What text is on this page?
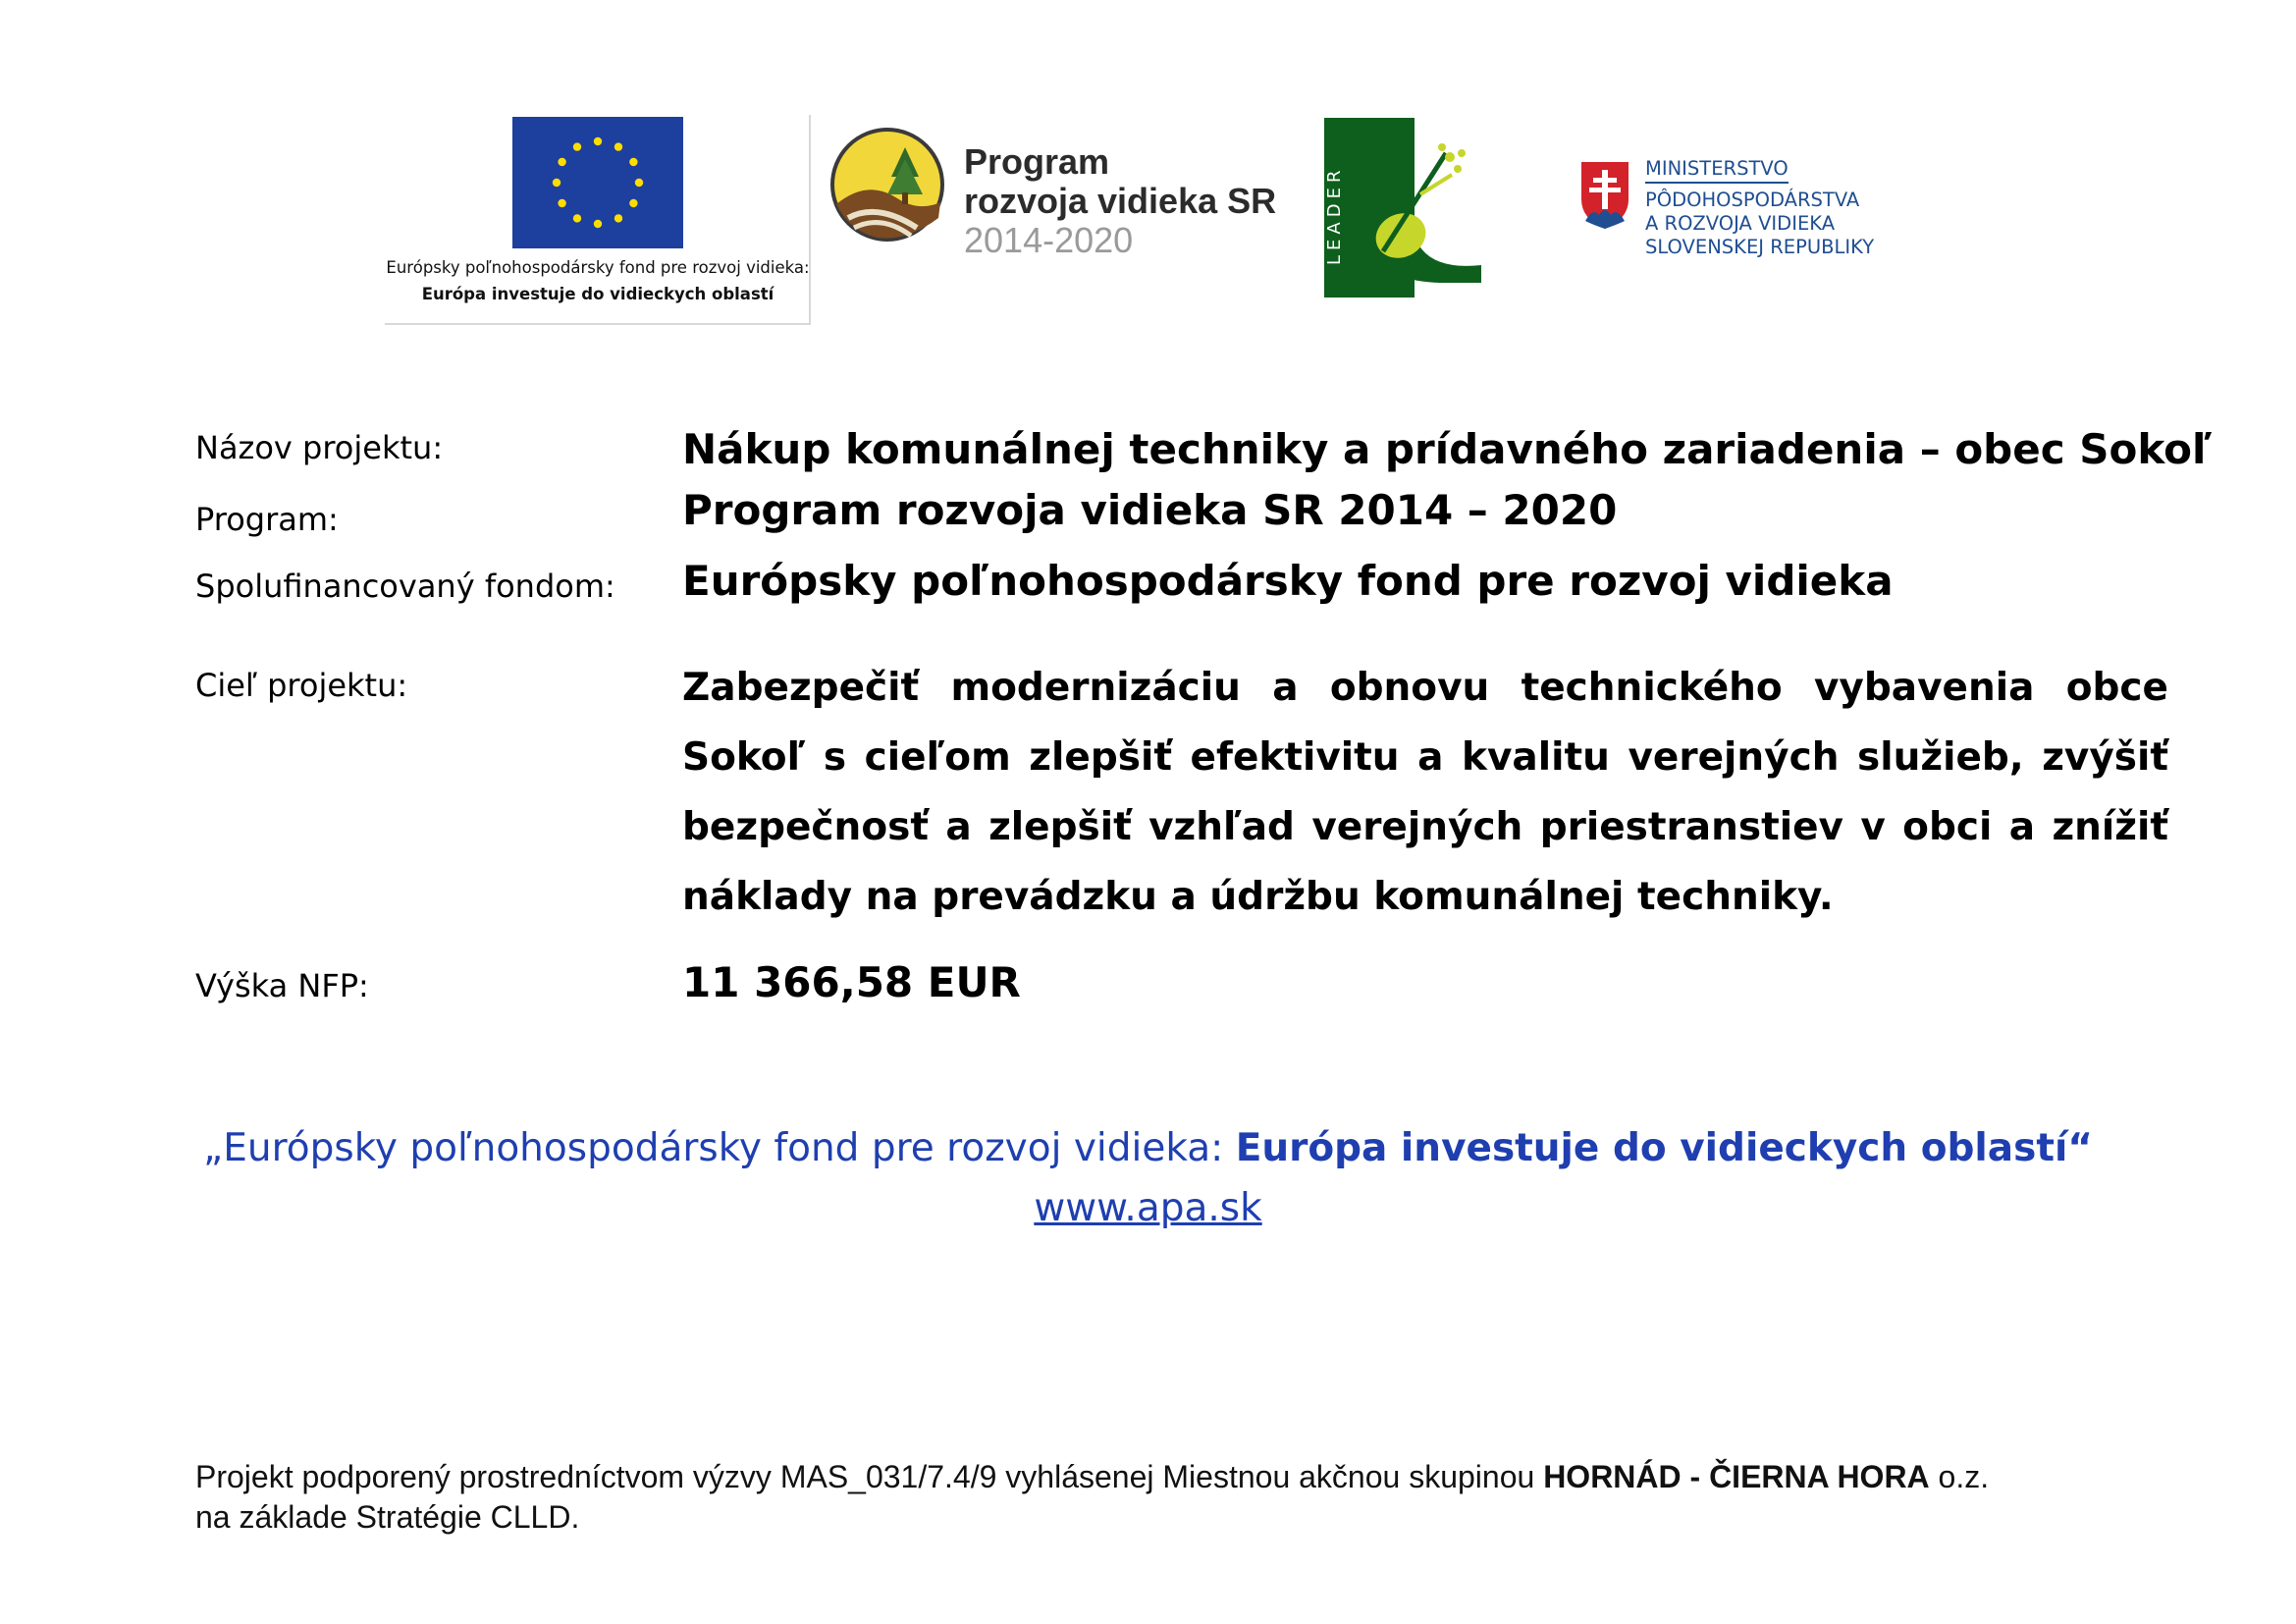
Európsky poľnohospodársky fond pre rozvoj vidieka:
Európa investuje do vidieckych oblastí
Program
rozvoja vidieka SR
2014-2020	LEADER	MINISTERSTVO
PÔDOHOSPODÁRSTVA
A ROZVOJA VIDIEKA
SLOVENSKEJ REPUBLIKY
Názov projektu:	Nákup komunálnej techniky a prídavného zariadenia – obec Sokoľ
Program:	Program rozvoja vidieka SR 2014 – 2020
Spolufinancovaný fondom: Európsky poľnohospodársky fond pre rozvoj vidieka
Cieľ projektu:	Zabezpečiť modernizáciu a obnovu technického vybavenia obce Sokoľ s cieľom zlepšiť efektivitu a kvalitu verejných služieb, zvýšiť bezpečnosť a zlepšiť vzhľad verejných priestranstiev v obci a znížiť náklady na prevádzku a údržbu komunálnej techniky.
Výška NFP:	11 366,58 EUR
„Európsky poľnohospodársky fond pre rozvoj vidieka: Európa investuje do vidieckych oblastí“
www.apa.sk
Projekt podporený prostredníctvom výzvy MAS_031/7.4/9 vyhlásenej Miestnou akčnou skupinou HORNÁD - ČIERNA HORA o.z.
na základe Stratégie CLLD.
